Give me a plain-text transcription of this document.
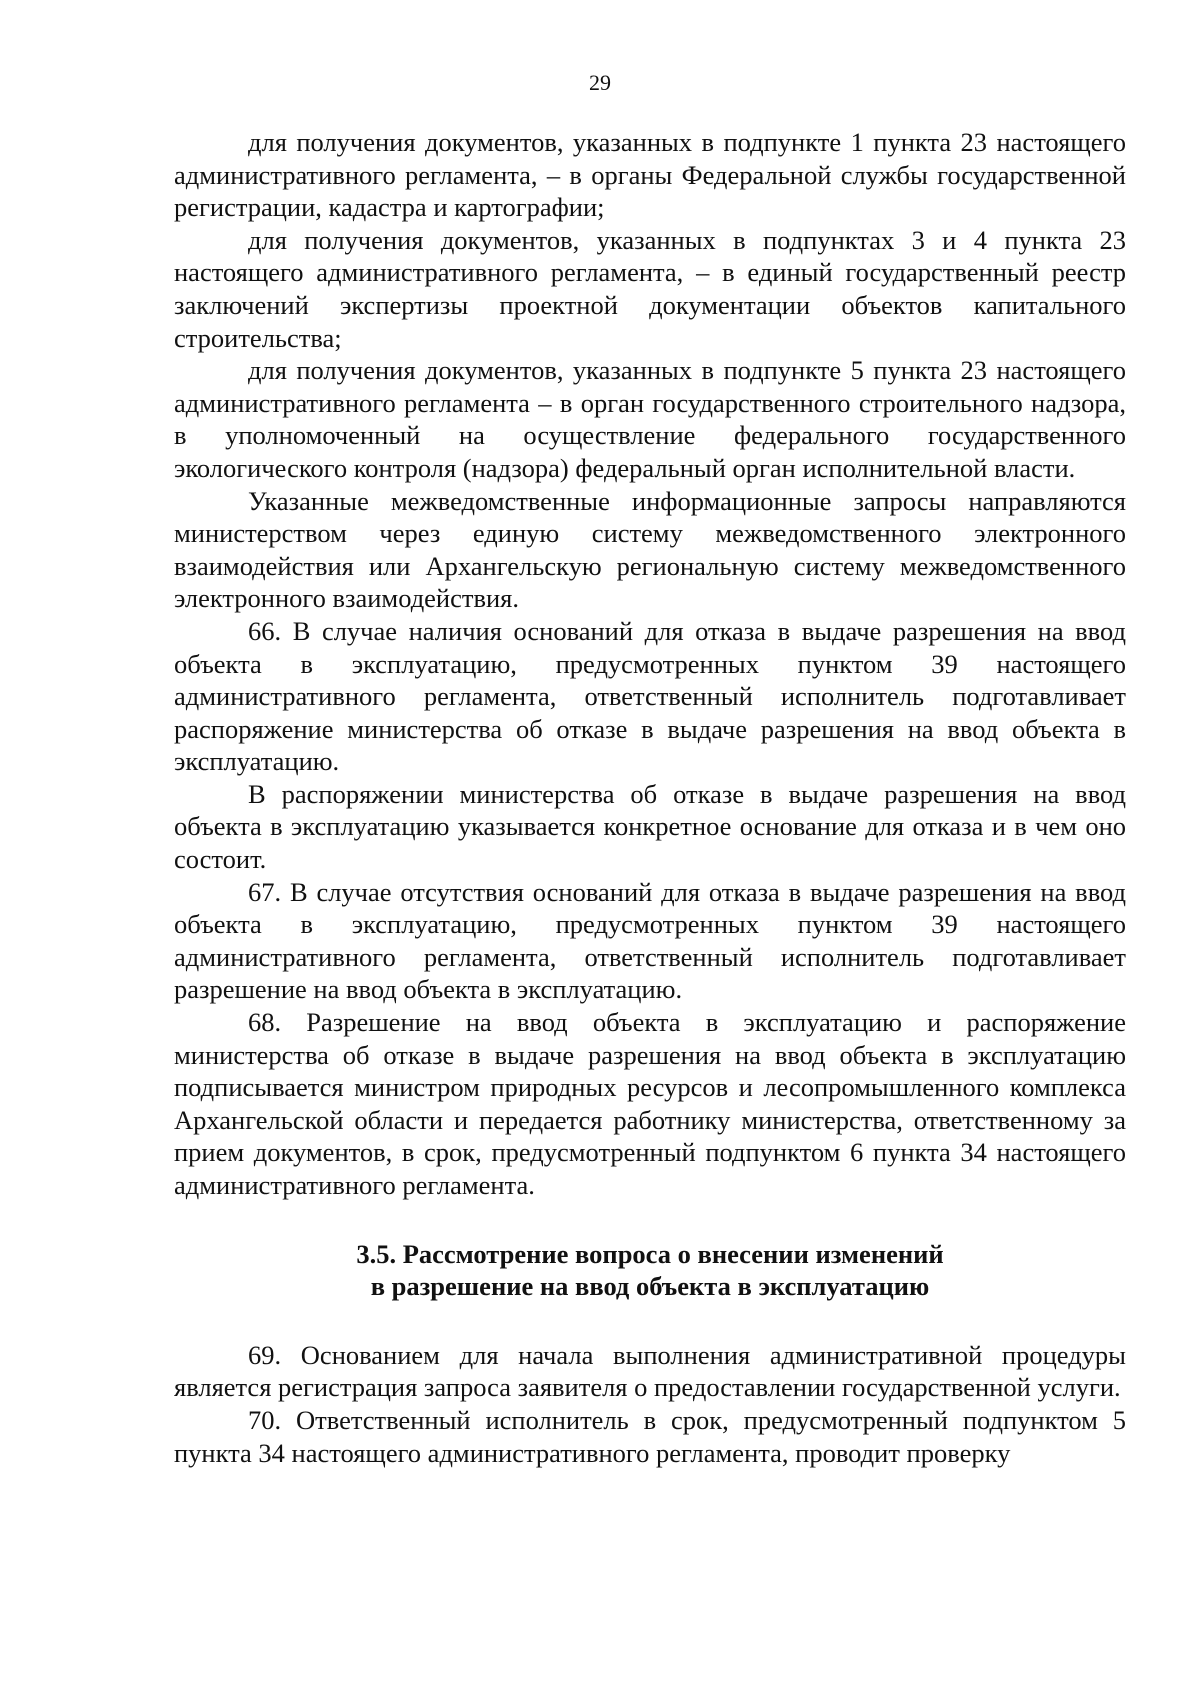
29

для получения документов, указанных в подпункте 1 пункта 23 настоящего административного регламента, – в органы Федеральной службы государственной регистрации, кадастра и картографии;

для получения документов, указанных в подпунктах 3 и 4 пункта 23 настоящего административного регламента, – в единый государственный реестр заключений экспертизы проектной документации объектов капитального строительства;

для получения документов, указанных в подпункте 5 пункта 23 настоящего административного регламента – в орган государственного строительного надзора, в уполномоченный на осуществление федерального государственного экологического контроля (надзора) федеральный орган исполнительной власти.

Указанные межведомственные информационные запросы направляются министерством через единую систему межведомственного электронного взаимодействия или Архангельскую региональную систему межведомственного электронного взаимодействия.

66. В случае наличия оснований для отказа в выдаче разрешения на ввод объекта в эксплуатацию, предусмотренных пунктом 39 настоящего административного регламента, ответственный исполнитель подготавливает распоряжение министерства об отказе в выдаче разрешения на ввод объекта в эксплуатацию.

В распоряжении министерства об отказе в выдаче разрешения на ввод объекта в эксплуатацию указывается конкретное основание для отказа и в чем оно состоит.

67. В случае отсутствия оснований для отказа в выдаче разрешения на ввод объекта в эксплуатацию, предусмотренных пунктом 39 настоящего административного регламента, ответственный исполнитель подготавливает разрешение на ввод объекта в эксплуатацию.

68. Разрешение на ввод объекта в эксплуатацию и распоряжение министерства об отказе в выдаче разрешения на ввод объекта в эксплуатацию подписывается министром природных ресурсов и лесопромышленного комплекса Архангельской области и передается работнику министерства, ответственному за прием документов, в срок, предусмотренный подпунктом 6 пункта 34 настоящего административного регламента.

3.5. Рассмотрение вопроса о внесении изменений
в разрешение на ввод объекта в эксплуатацию

69. Основанием для начала выполнения административной процедуры является регистрация запроса заявителя о предоставлении государственной услуги.

70. Ответственный исполнитель в срок, предусмотренный подпунктом 5 пункта 34 настоящего административного регламента, проводит проверку
